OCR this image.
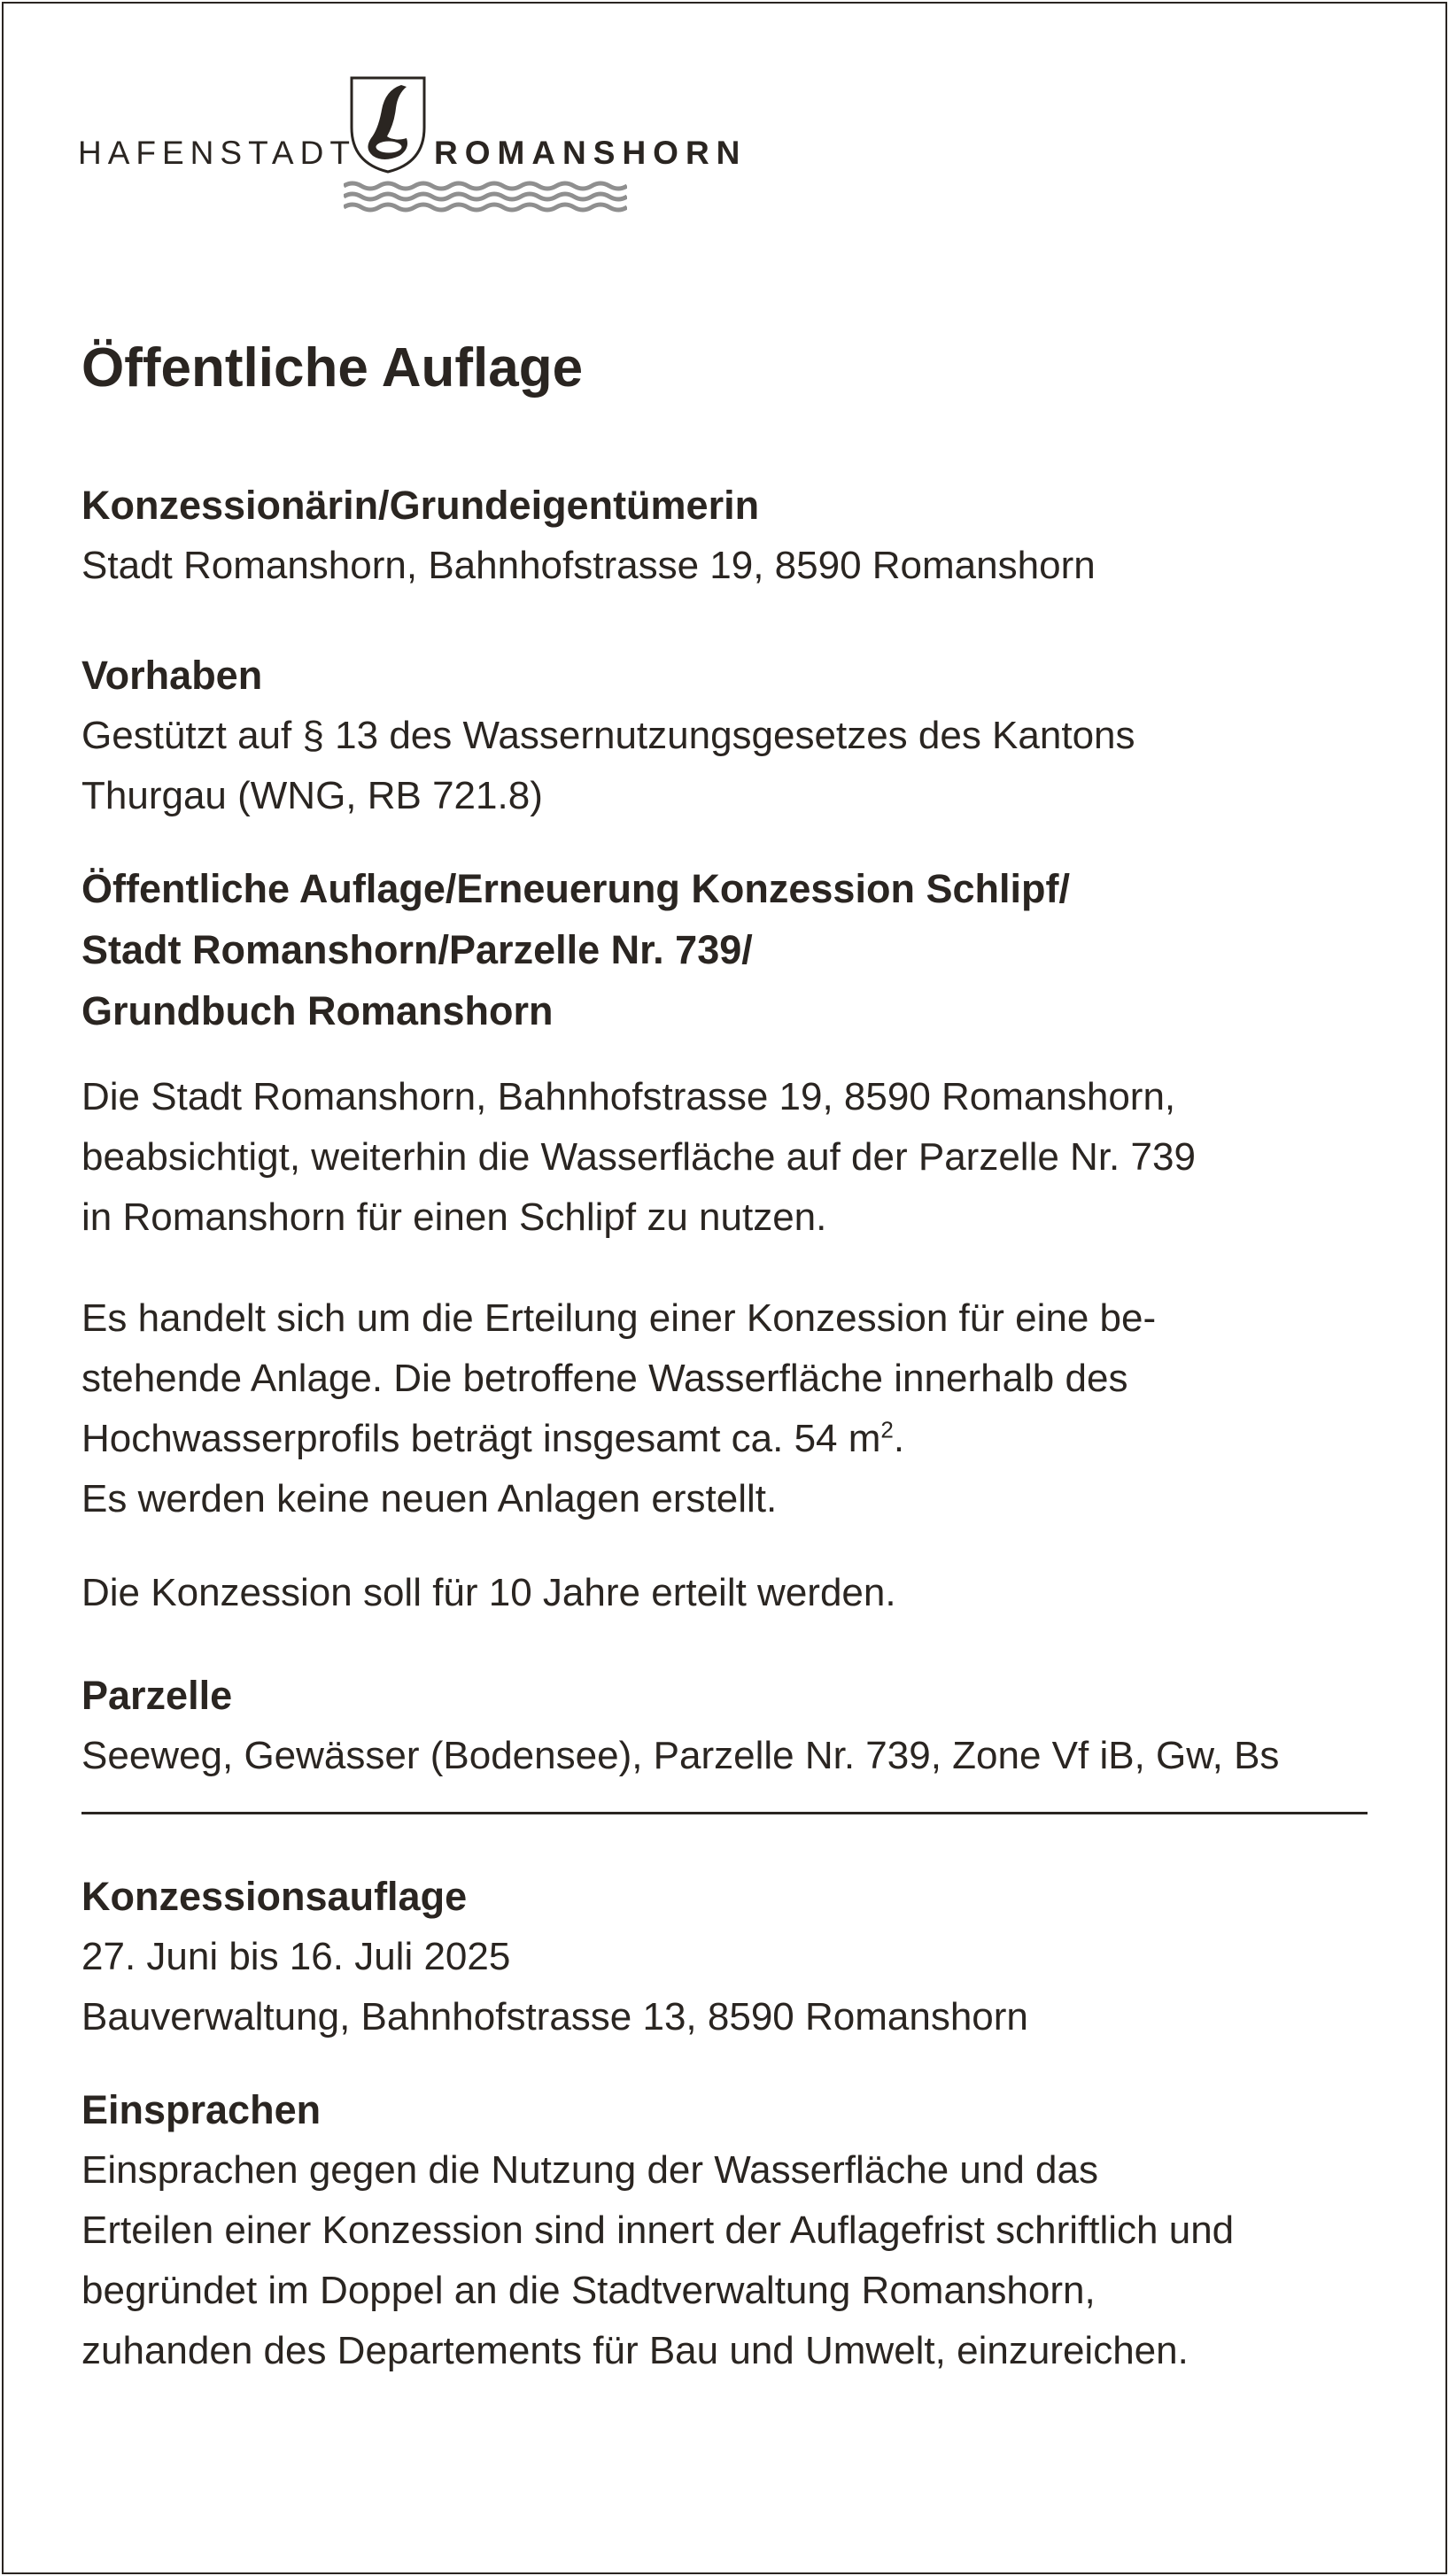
HAFENSTADT ROMANSHORN
Öffentliche Auflage

Konzessionärin/Grundeigentümerin

Stadt Romanshorn, Bahnhofstrasse 19, 8590 Romanshorn

Vorhaben

Gestützt auf § 13 des Wassernutzungsgesetzes des Kantons

Thurgau (WNG, RB 721.8)

Öffentliche Auflage/Erneuerung Konzession Schlipf/

Stadt Romanshorn/Parzelle Nr. 739/

Grundbuch Romanshorn

Die Stadt Romanshorn, Bahnhofstrasse 19, 8590 Romanshorn,

beabsichtigt, weiterhin die Wasserfläche auf der Parzelle Nr. 739

in Romanshorn für einen Schlipf zu nutzen.

Es handelt sich um die Erteilung einer Konzession für eine be-

stehende Anlage. Die betroffene Wasserfläche innerhalb des

Hochwasserprofils beträgt insgesamt ca. 54 $m^2$.

Es werden keine neuen Anlagen erstellt.

Die Konzession soll für 10 Jahre erteilt werden.

Parzelle

Seeweg, Gewässer (Bodensee), Parzelle Nr. 739, Zone Vf iB, Gw, Bs

Konzessionsauflage

27. Juni bis 16. Juli 2025

Bauverwaltung, Bahnhofstrasse 13, 8590 Romanshorn

Einsprachen

Einsprachen gegen die Nutzung der Wasserfläche und das

Erteilen einer Konzession sind innert der Auflagefrist schriftlich und

begründet im Doppel an die Stadtverwaltung Romanshorn,

zuhanden des Departements für Bau und Umwelt, einzureichen.
